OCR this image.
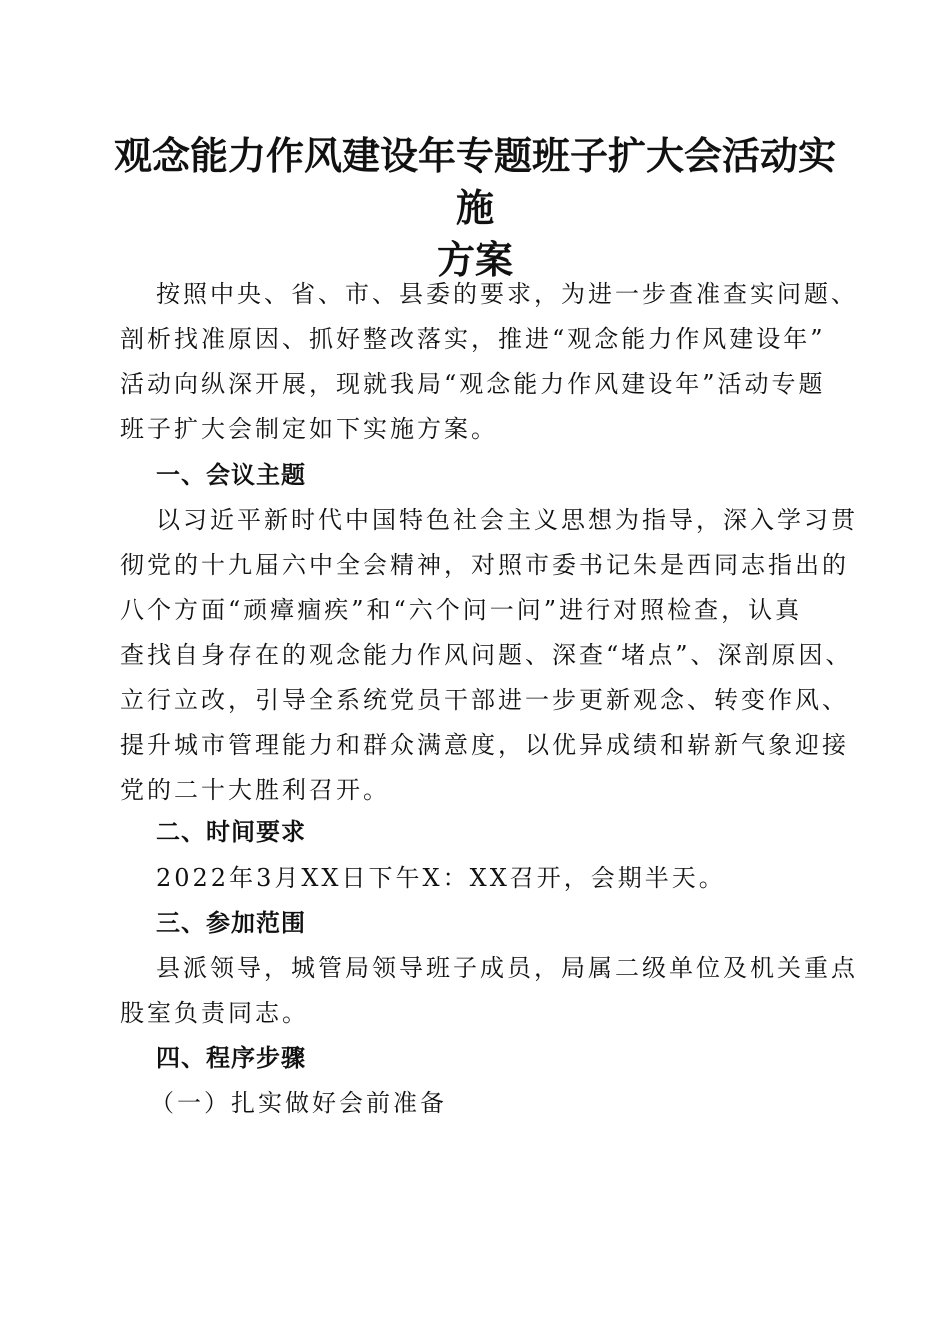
观念能力作风建设年专题班子扩大会活动实施
方案
按照中央、省、市、县委的要求，为进一步查准查实问题、
剖析找准原因、抓好整改落实，推进“观念能力作风建设年”
活动向纵深开展，现就我局“观念能力作风建设年”活动专题
班子扩大会制定如下实施方案。
一、会议主题
以习近平新时代中国特色社会主义思想为指导，深入学习贯
彻党的十九届六中全会精神，对照市委书记朱是西同志指出的
八个方面“顽瘴痼疾”和“六个问一问”进行对照检查，认真
查找自身存在的观念能力作风问题、深查“堵点”、深剖原因、
立行立改，引导全系统党员干部进一步更新观念、转变作风、
提升城市管理能力和群众满意度，以优异成绩和崭新气象迎接
党的二十大胜利召开。
二、时间要求
2022年3月XX日下午X：XX召开，会期半天。
三、参加范围
县派领导，城管局领导班子成员，局属二级单位及机关重点
股室负责同志。
四、程序步骤
（一）扎实做好会前准备
